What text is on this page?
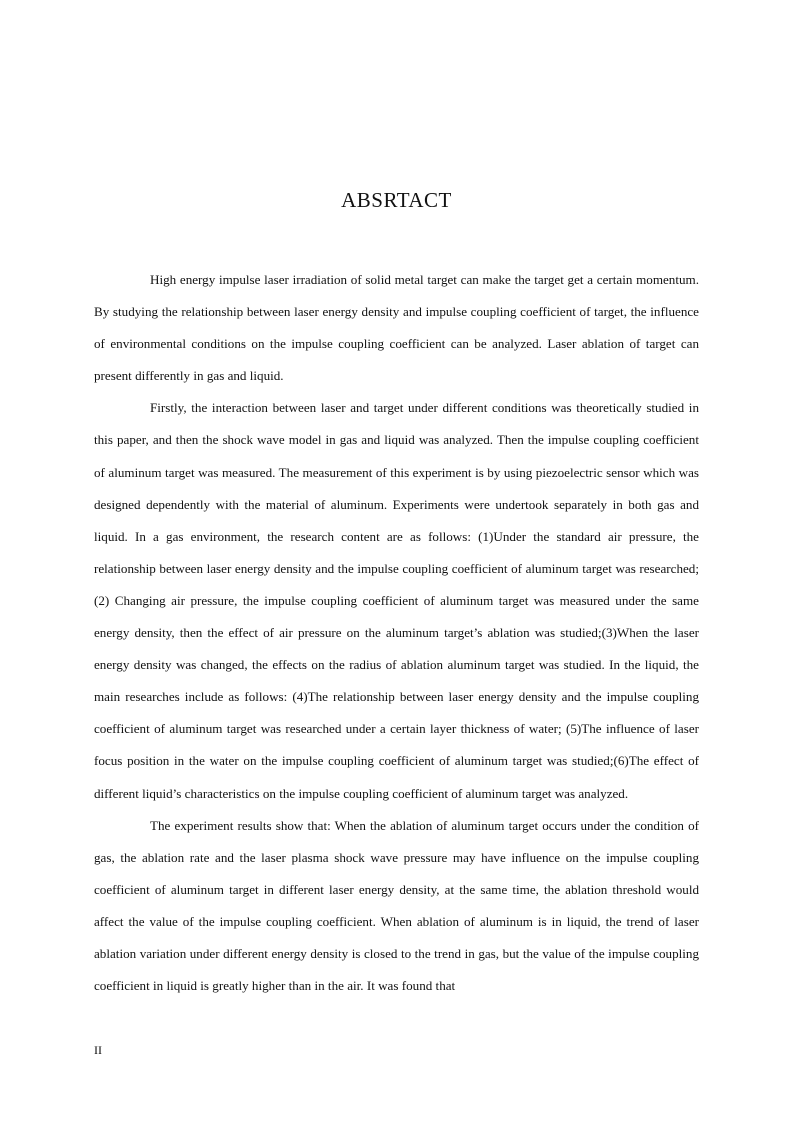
ABSRTACT

High energy impulse laser irradiation of solid metal target can make the target get a certain momentum. By studying the relationship between laser energy density and impulse coupling coefficient of target, the influence of environmental conditions on the impulse coupling coefficient can be analyzed. Laser ablation of target can present differently in gas and liquid.

Firstly, the interaction between laser and target under different conditions was theoretically studied in this paper, and then the shock wave model in gas and liquid was analyzed. Then the impulse coupling coefficient of aluminum target was measured. The measurement of this experiment is by using piezoelectric sensor which was designed dependently with the material of aluminum. Experiments were undertook separately in both gas and liquid. In a gas environment, the research content are as follows: (1)Under the standard air pressure, the relationship between laser energy density and the impulse coupling coefficient of aluminum target was researched; (2) Changing air pressure, the impulse coupling coefficient of aluminum target was measured under the same energy density, then the effect of air pressure on the aluminum target’s ablation was studied;(3)When the laser energy density was changed, the effects on the radius of ablation aluminum target was studied. In the liquid, the main researches include as follows: (4)The relationship between laser energy density and the impulse coupling coefficient of aluminum target was researched under a certain layer thickness of water; (5)The influence of laser focus position in the water on the impulse coupling coefficient of aluminum target was studied;(6)The effect of different liquid’s characteristics on the impulse coupling coefficient of aluminum target was analyzed.

The experiment results show that: When the ablation of aluminum target occurs under the condition of gas, the ablation rate and the laser plasma shock wave pressure may have influence on the impulse coupling coefficient of aluminum target in different laser energy density, at the same time, the ablation threshold would affect the value of the impulse coupling coefficient. When ablation of aluminum is in liquid, the trend of laser ablation variation under different energy density is closed to the trend in gas, but the value of the impulse coupling coefficient in liquid is greatly higher than in the air. It was found that

II
